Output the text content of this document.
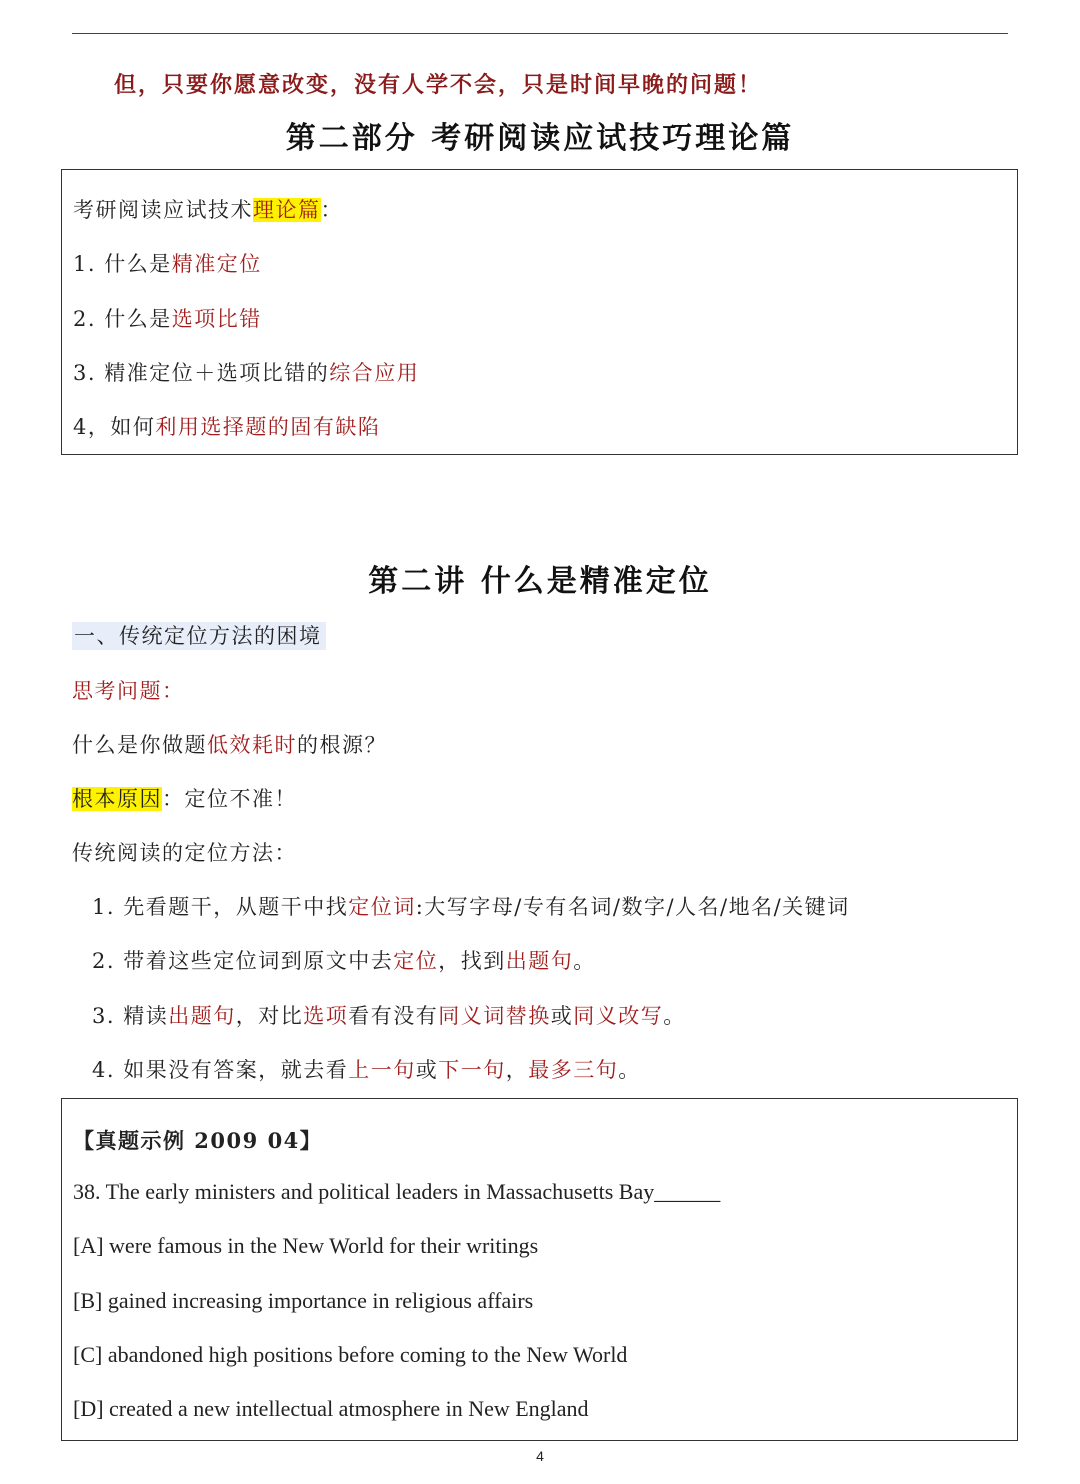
但，只要你愿意改变，没有人学不会，只是时间早晚的问题！
第二部分 考研阅读应试技巧理论篇
考研阅读应试技术理论篇：
1. 什么是精准定位
2. 什么是选项比错
3. 精准定位＋选项比错的综合应用
4，如何利用选择题的固有缺陷
第二讲 什么是精准定位
一、传统定位方法的困境
思考问题：
什么是你做题低效耗时的根源？
根本原因：定位不准！
传统阅读的定位方法：
1. 先看题干，从题干中找定位词:大写字母/专有名词/数字/人名/地名/关键词
2. 带着这些定位词到原文中去定位，找到出题句。
3. 精读出题句，对比选项看有没有同义词替换或同义改写。
4. 如果没有答案，就去看上一句或下一句，最多三句。
【真题示例 2009 04】
38. The early ministers and political leaders in Massachusetts Bay______
[A] were famous in the New World for their writings
[B] gained increasing importance in religious affairs
[C] abandoned high positions before coming to the New World
[D] created a new intellectual atmosphere in New England
4
